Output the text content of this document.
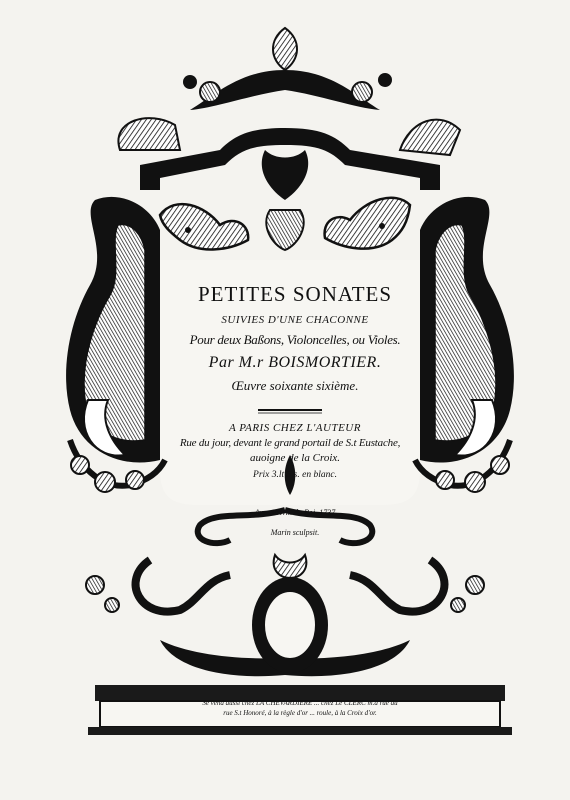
PETITES SONATES
SUIVIES D'UNE CHACONNE
Pour deux Baßons, Violoncelles, ou Violes.
Par M.r BOISMORTIER.
Œuvre soixante sixième.
A PARIS CHEZ L'AUTEUR
Rue du jour, devant le grand portail de S.t Eustache,
auoigne de la Croix.
Prix 3.lt 5 s. en blanc.
Avec Privil. du Roi, 1737
Marin sculpsit.
Se vend aussi chez LA CHEVARDIERE ... chez Le CLERC m.d rue du
rue S.t Honoré, à la règle d'or ... roule, à la Croix d'or.
